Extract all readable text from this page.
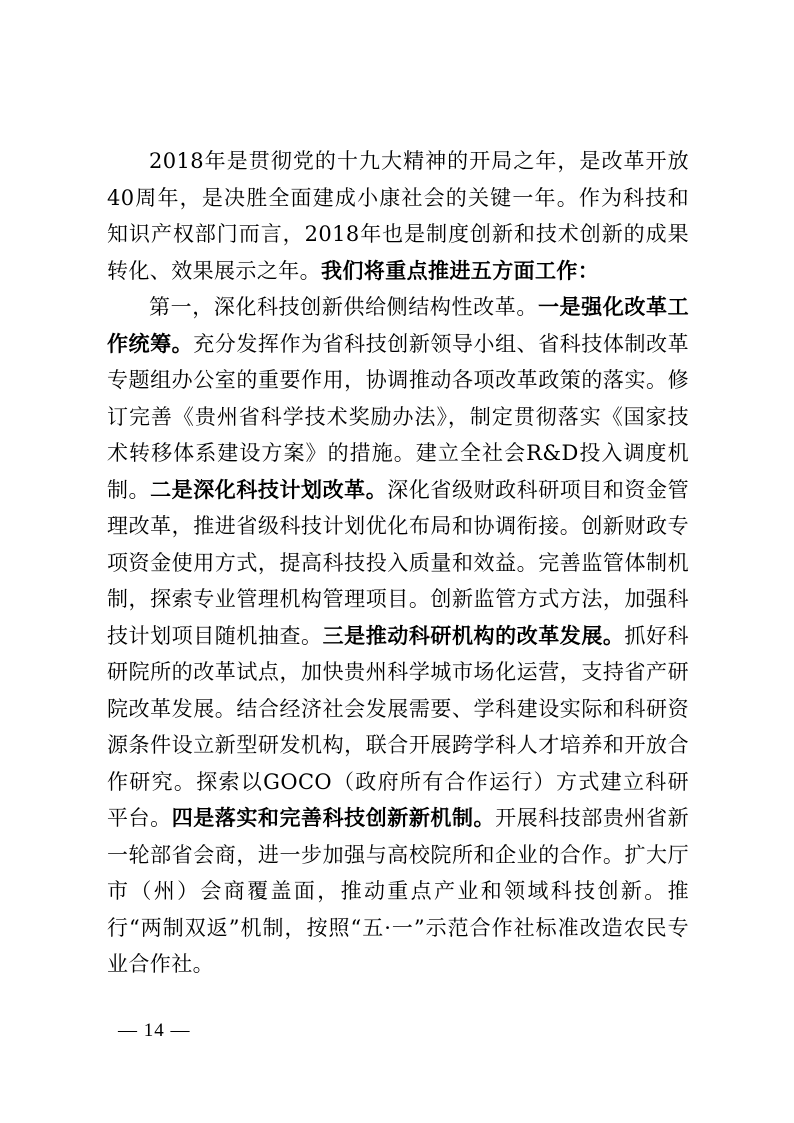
2018年是贯彻党的十九大精神的开局之年，是改革开放40周年，是决胜全面建成小康社会的关键一年。作为科技和知识产权部门而言，2018年也是制度创新和技术创新的成果转化、效果展示之年。我们将重点推进五方面工作：

第一，深化科技创新供给侧结构性改革。一是强化改革工作统筹。充分发挥作为省科技创新领导小组、省科技体制改革专题组办公室的重要作用，协调推动各项改革政策的落实。修订完善《贵州省科学技术奖励办法》，制定贯彻落实《国家技术转移体系建设方案》的措施。建立全社会R&D投入调度机制。二是深化科技计划改革。深化省级财政科研项目和资金管理改革，推进省级科技计划优化布局和协调衔接。创新财政专项资金使用方式，提高科技投入质量和效益。完善监管体制机制，探索专业管理机构管理项目。创新监管方式方法，加强科技计划项目随机抽查。三是推动科研机构的改革发展。抓好科研院所的改革试点，加快贵州科学城市场化运营，支持省产研院改革发展。结合经济社会发展需要、学科建设实际和科研资源条件设立新型研发机构，联合开展跨学科人才培养和开放合作研究。探索以GOCO（政府所有合作运行）方式建立科研平台。四是落实和完善科技创新新机制。开展科技部贵州省新一轮部省会商，进一步加强与高校院所和企业的合作。扩大厅市（州）会商覆盖面，推动重点产业和领域科技创新。推行“两制双返”机制，按照“五·一”示范合作社标准改造农民专业合作社。

— 14 —
